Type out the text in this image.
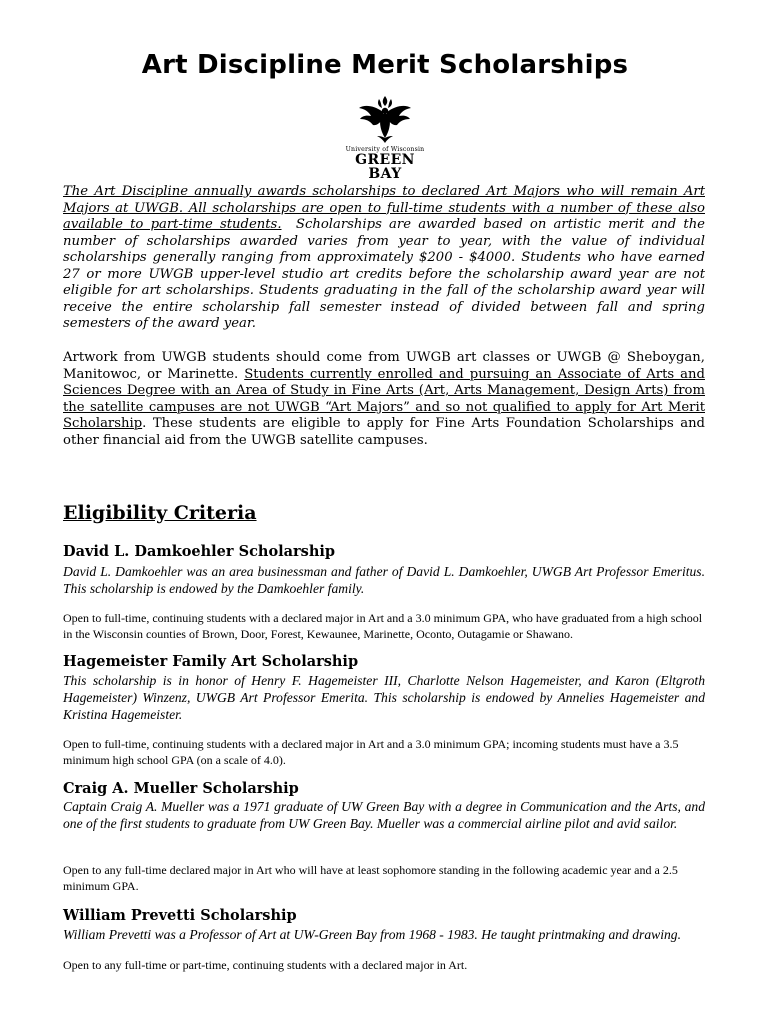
Art Discipline Merit Scholarships
University of Wisconsin
GREEN BAY
The Art Discipline annually awards scholarships to declared Art Majors who will remain Art Majors at UWGB. All scholarships are open to full-time students with a number of these also available to part-time students. Scholarships are awarded based on artistic merit and the number of scholarships awarded varies from year to year, with the value of individual scholarships generally ranging from approximately $200 - $4000. Students who have earned 27 or more UWGB upper-level studio art credits before the scholarship award year are not eligible for art scholarships. Students graduating in the fall of the scholarship award year will receive the entire scholarship fall semester instead of divided between fall and spring semesters of the award year.
Artwork from UWGB students should come from UWGB art classes or UWGB @ Sheboygan, Manitowoc, or Marinette. Students currently enrolled and pursuing an Associate of Arts and Sciences Degree with an Area of Study in Fine Arts (Art, Arts Management, Design Arts) from the satellite campuses are not UWGB “Art Majors” and so not qualified to apply for Art Merit Scholarship. These students are eligible to apply for Fine Arts Foundation Scholarships and other financial aid from the UWGB satellite campuses.
Eligibility Criteria
David L. Damkoehler Scholarship
David L. Damkoehler was an area businessman and father of David L. Damkoehler, UWGB Art Professor Emeritus. This scholarship is endowed by the Damkoehler family.
Open to full-time, continuing students with a declared major in Art and a 3.0 minimum GPA, who have graduated from a high school in the Wisconsin counties of Brown, Door, Forest, Kewaunee, Marinette, Oconto, Outagamie or Shawano.
Hagemeister Family Art Scholarship
This scholarship is in honor of Henry F. Hagemeister III, Charlotte Nelson Hagemeister, and Karon (Eltgroth Hagemeister) Winzenz, UWGB Art Professor Emerita. This scholarship is endowed by Annelies Hagemeister and Kristina Hagemeister.
Open to full-time, continuing students with a declared major in Art and a 3.0 minimum GPA; incoming students must have a 3.5 minimum high school GPA (on a scale of 4.0).
Craig A. Mueller Scholarship
Captain Craig A. Mueller was a 1971 graduate of UW Green Bay with a degree in Communication and the Arts, and one of the first students to graduate from UW Green Bay. Mueller was a commercial airline pilot and avid sailor.
Open to any full-time declared major in Art who will have at least sophomore standing in the following academic year and a 2.5 minimum GPA.
William Prevetti Scholarship
William Prevetti was a Professor of Art at UW-Green Bay from 1968 - 1983. He taught printmaking and drawing.
Open to any full-time or part-time, continuing students with a declared major in Art.
